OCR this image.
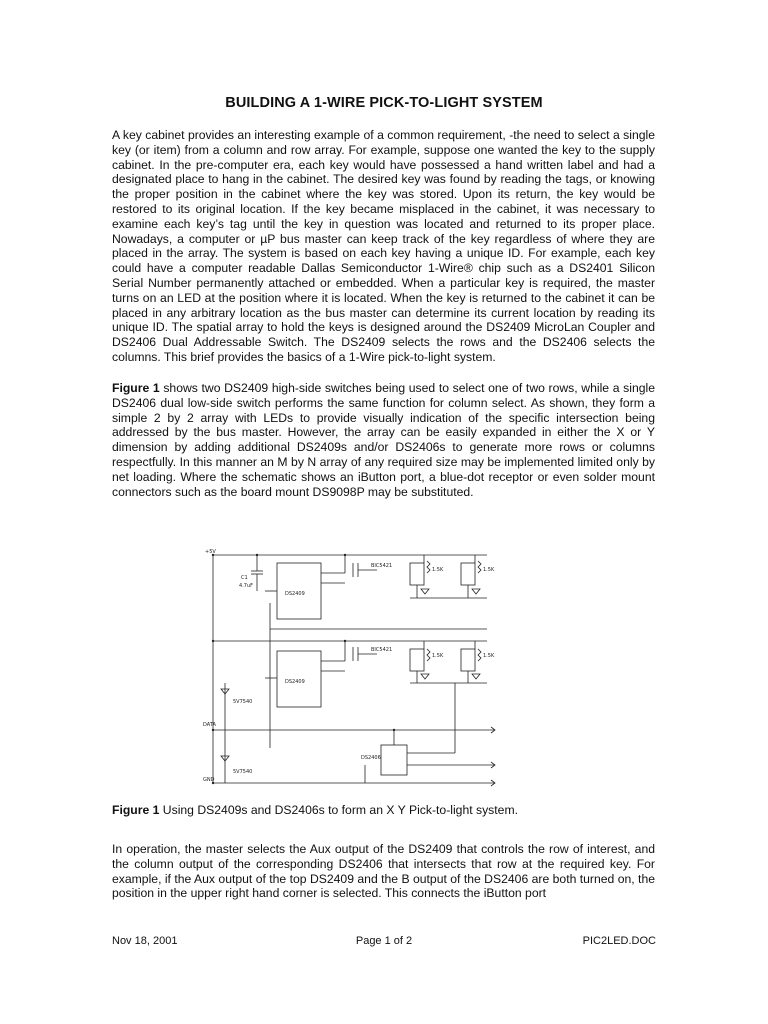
BUILDING A 1-WIRE PICK-TO-LIGHT SYSTEM

A key cabinet provides an interesting example of a common requirement, -the need to select a single key (or item) from a column and row array. For example, suppose one wanted the key to the supply cabinet. In the pre-computer era, each key would have possessed a hand written label and had a designated place to hang in the cabinet. The desired key was found by reading the tags, or knowing the proper position in the cabinet where the key was stored. Upon its return, the key would be restored to its original location. If the key became misplaced in the cabinet, it was necessary to examine each key’s tag until the key in question was located and returned to its proper place. Nowadays, a computer or µP bus master can keep track of the key regardless of where they are placed in the array. The system is based on each key having a unique ID. For example, each key could have a computer readable Dallas Semiconductor 1-Wire® chip such as a DS2401 Silicon Serial Number permanently attached or embedded. When a particular key is required, the master turns on an LED at the position where it is located. When the key is returned to the cabinet it can be placed in any arbitrary location as the bus master can determine its current location by reading its unique ID. The spatial array to hold the keys is designed around the DS2409 MicroLan Coupler and DS2406 Dual Addressable Switch. The DS2409 selects the rows and the DS2406 selects the columns. This brief provides the basics of a 1-Wire pick-to-light system.

Figure 1 shows two DS2409 high-side switches being used to select one of two rows, while a single DS2406 dual low-side switch performs the same function for column select. As shown, they form a simple 2 by 2 array with LEDs to provide visually indication of the specific intersection being addressed by the bus master. However, the array can be easily expanded in either the X or Y dimension by adding additional DS2409s and/or DS2406s to generate more rows or columns respectfully. In this manner an M by N array of any required size may be implemented limited only by net loading. Where the schematic shows an iButton port, a blue-dot receptor or even solder mount connectors such as the board mount DS9098P may be substituted.

+5V
C1
4.7uF
DS2409
DS2409
DS2406
BIC5421
BIC5421
1.5K	1.5K
1.5K	1.5K
5V7540
5V7540
DATA
GND

Figure 1 Using DS2409s and DS2406s to form an X Y Pick-to-light system.

In operation, the master selects the Aux output of the DS2409 that controls the row of interest, and the column output of the corresponding DS2406 that intersects that row at the required key. For example, if the Aux output of the top DS2409 and the B output of the DS2406 are both turned on, the position in the upper right hand corner is selected. This connects the iButton port

Nov 18, 2001	Page 1 of 2	PIC2LED.DOC
